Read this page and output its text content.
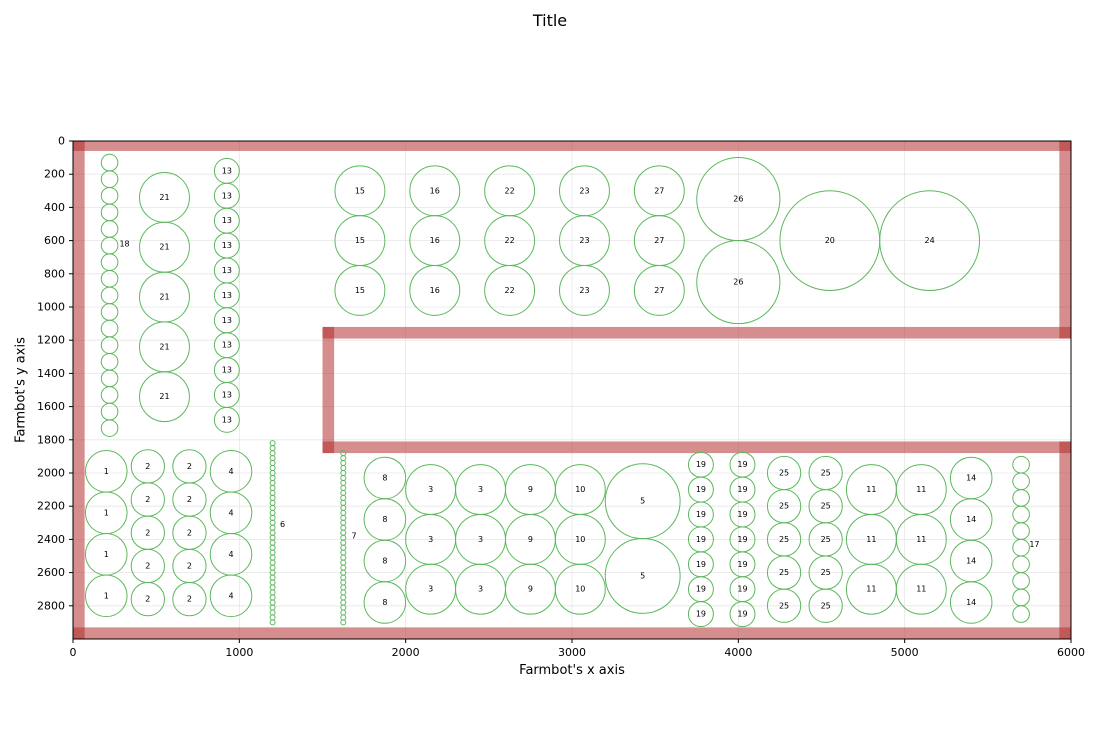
Title
18
21
21
21
21
21
13
13
13
13
13
13
13
13
13
13
13
15
15
15
16
16
16
22
22
22
23
23
23
27
27
27
26
26
20	24
1
1
1
1
2
2
2
2
2
2
2
2
2
2
4
4
4
4
6
7
8
8
8
8
3
3
3
3
3
3
9
9
9
10
10
10
5
5
19
19
19
19
19
19
19
19
19
19
19
19
19
19
25
25
25
25
25
25
25
25
25
25
11
11
11
11
11
11
14
14
14
14
17
0	1000	2000	3000	4000	5000	6000
0
200
400
600
800
1000
1200
1400
1600
1800
2000
2200
2400
2600
2800
Farmbot's x axis
Farmbot's y axis
